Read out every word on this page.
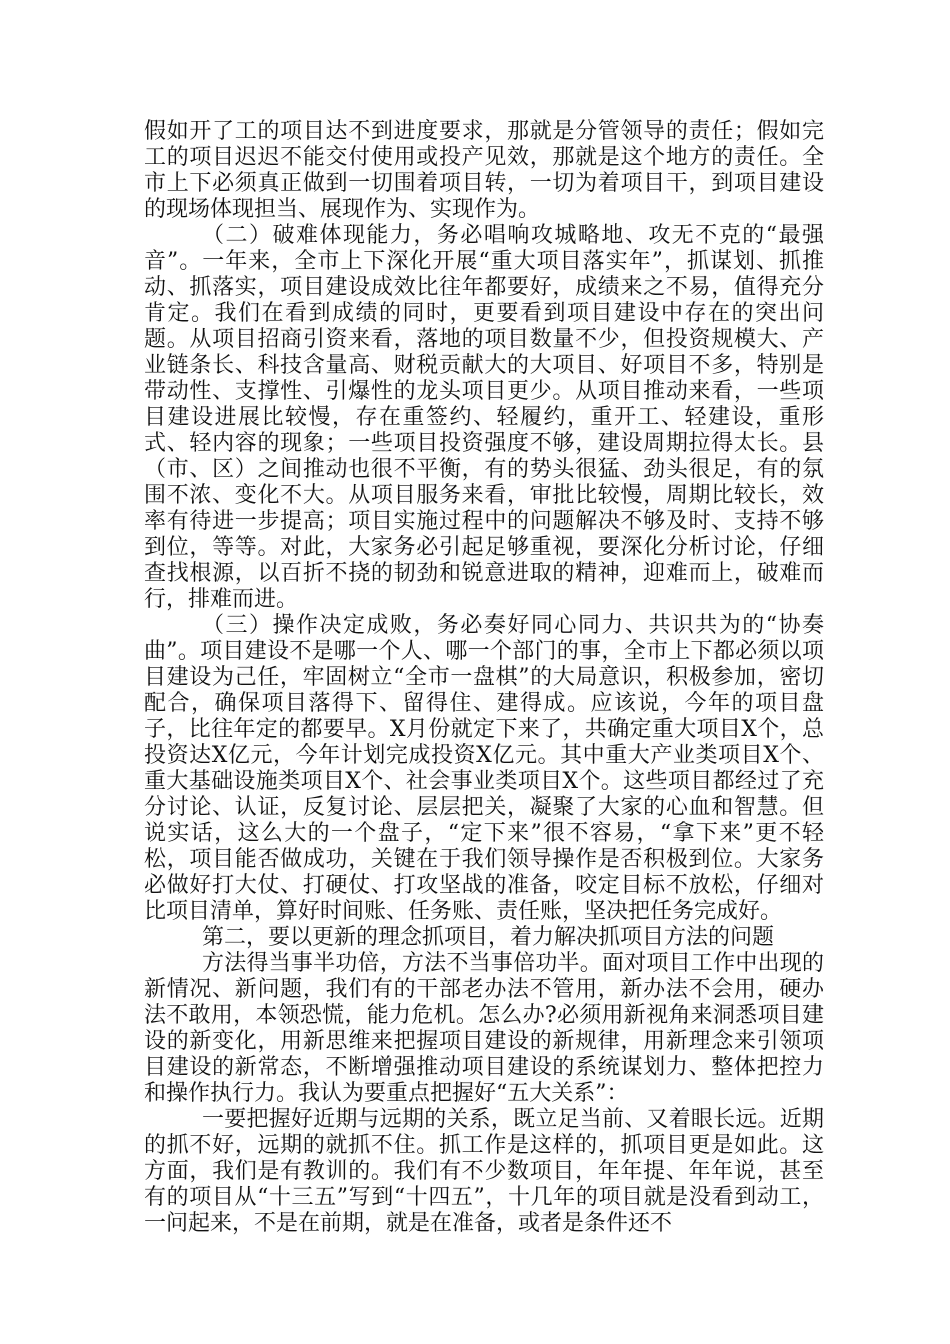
假如开了工的项目达不到进度要求，那就是分管领导的责任；假如完工的项目迟迟不能交付使用或投产见效，那就是这个地方的责任。全市上下必须真正做到一切围着项目转，一切为着项目干，到项目建设的现场体现担当、展现作为、实现作为。

（二）破难体现能力，务必唱响攻城略地、攻无不克的“最强音”。一年来，全市上下深化开展“重大项目落实年”，抓谋划、抓推动、抓落实，项目建设成效比往年都要好，成绩来之不易，值得充分肯定。我们在看到成绩的同时，更要看到项目建设中存在的突出问题。从项目招商引资来看，落地的项目数量不少，但投资规模大、产业链条长、科技含量高、财税贡献大的大项目、好项目不多，特别是带动性、支撑性、引爆性的龙头项目更少。从项目推动来看，一些项目建设进展比较慢，存在重签约、轻履约，重开工、轻建设，重形式、轻内容的现象；一些项目投资强度不够，建设周期拉得太长。县（市、区）之间推动也很不平衡，有的势头很猛、劲头很足，有的氛围不浓、变化不大。从项目服务来看，审批比较慢，周期比较长，效率有待进一步提高；项目实施过程中的问题解决不够及时、支持不够到位，等等。对此，大家务必引起足够重视，要深化分析讨论，仔细查找根源，以百折不挠的韧劲和锐意进取的精神，迎难而上，破难而行，排难而进。

（三）操作决定成败，务必奏好同心同力、共识共为的“协奏曲”。项目建设不是哪一个人、哪一个部门的事，全市上下都必须以项目建设为己任，牢固树立“全市一盘棋”的大局意识，积极参加，密切配合，确保项目落得下、留得住、建得成。应该说，今年的项目盘子，比往年定的都要早。X月份就定下来了，共确定重大项目X个，总投资达X亿元，今年计划完成投资X亿元。其中重大产业类项目X个、重大基础设施类项目X个、社会事业类项目X个。这些项目都经过了充分讨论、认证，反复讨论、层层把关，凝聚了大家的心血和智慧。但说实话，这么大的一个盘子，“定下来”很不容易，“拿下来”更不轻松，项目能否做成功，关键在于我们领导操作是否积极到位。大家务必做好打大仗、打硬仗、打攻坚战的准备，咬定目标不放松，仔细对比项目清单，算好时间账、任务账、责任账，坚决把任务完成好。

第二，要以更新的理念抓项目，着力解决抓项目方法的问题

方法得当事半功倍，方法不当事倍功半。面对项目工作中出现的新情况、新问题，我们有的干部老办法不管用，新办法不会用，硬办法不敢用，本领恐慌，能力危机。怎么办?必须用新视角来洞悉项目建设的新变化，用新思维来把握项目建设的新规律，用新理念来引领项目建设的新常态，不断增强推动项目建设的系统谋划力、整体把控力和操作执行力。我认为要重点把握好“五大关系”：

一要把握好近期与远期的关系，既立足当前、又着眼长远。近期的抓不好，远期的就抓不住。抓工作是这样的，抓项目更是如此。这方面，我们是有教训的。我们有不少数项目，年年提、年年说，甚至有的项目从“十三五”写到“十四五”，十几年的项目就是没看到动工，一问起来，不是在前期，就是在准备，或者是条件还不
